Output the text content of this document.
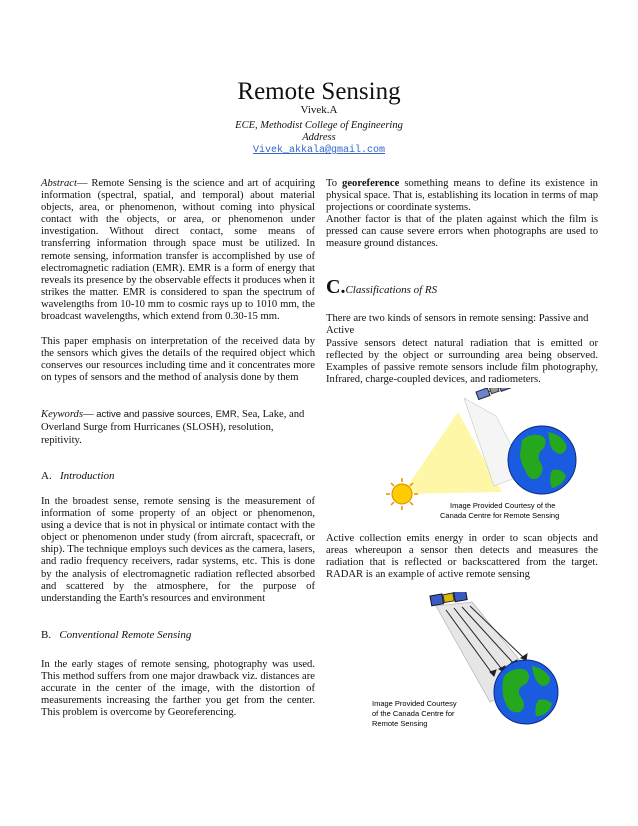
Remote Sensing
Vivek.A
ECE, Methodist College of Engineering
Address
Vivek_akkala@gmail.com
Abstract— Remote Sensing is the science and art of acquiring information (spectral, spatial, and temporal) about material objects, area, or phenomenon, without coming into physical contact with the objects, or area, or phenomenon under investigation. Without direct contact, some means of transferring information through space must be utilized. In remote sensing, information transfer is accomplished by use of electromagnetic radiation (EMR). EMR is a form of energy that reveals its presence by the observable effects it produces when it strikes the matter. EMR is considered to span the spectrum of wavelengths from 10-10 mm to cosmic rays up to 1010 mm, the broadcast wavelengths, which extend from 0.30-15 mm.
This paper emphasis on interpretation of the received data by the sensors which gives the details of the required object which conserves our resources including time and it concentrates more on types of sensors and the method of analysis done by them
Keywords— active and passive sources, EMR, Sea, Lake, and Overland Surge from Hurricanes (SLOSH), resolution, repitivity.
A. Introduction
In the broadest sense, remote sensing is the measurement of information of some property of an object or phenomenon, using a device that is not in physical or intimate contact with the object or phenomenon under study (from aircraft, spacecraft, or ship). The technique employs such devices as the camera, lasers, and radio frequency receivers, radar systems, etc. This is done by the analysis of electromagnetic radiation reflected absorbed and scattered by the atmosphere, for the purpose of understanding the Earth's resources and environment
B. Conventional Remote Sensing
In the early stages of remote sensing, photography was used. This method suffers from one major drawback viz. distances are accurate in the center of the image, with the distortion of measurements increasing the farther you get from the center. This problem is overcome by Georeferencing.
To georeference something means to define its existence in physical space. That is, establishing its location in terms of map projections or coordinate systems.
Another factor is that of the platen against which the film is pressed can cause severe errors when photographs are used to measure ground distances.
C.Classifications of RS
There are two kinds of sensors in remote sensing: Passive and Active
Passive sensors detect natural radiation that is emitted or reflected by the object or surrounding area being observed. Examples of passive remote sensors include film photography, Infrared, charge-coupled devices, and radiometers.
Image Provided Courtesy of the
Canada Centre for Remote Sensing
Active collection emits energy in order to scan objects and areas whereupon a sensor then detects and measures the radiation that is reflected or backscattered from the target. RADAR is an example of active remote sensing
Image Provided Courtesy
of the Canada Centre for
Remote Sensing
